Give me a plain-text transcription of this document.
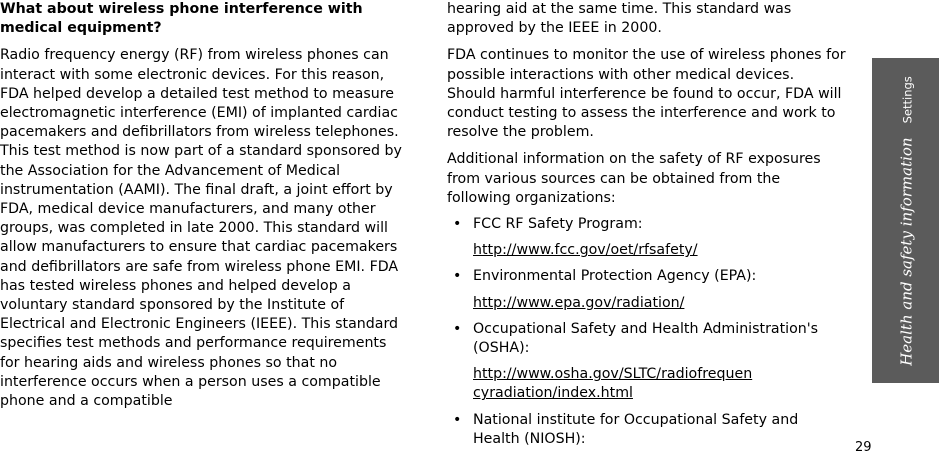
What about wireless phone interference with medical equipment?

Radio frequency energy (RF) from wireless phones can interact with some electronic devices. For this reason, FDA helped develop a detailed test method to measure electromagnetic interference (EMI) of implanted cardiac pacemakers and defibrillators from wireless telephones. This test method is now part of a standard sponsored by the Association for the Advancement of Medical instrumentation (AAMI). The final draft, a joint effort by FDA, medical device manufacturers, and many other groups, was completed in late 2000. This standard will allow manufacturers to ensure that cardiac pacemakers and defibrillators are safe from wireless phone EMI. FDA has tested wireless phones and helped develop a voluntary standard sponsored by the Institute of Electrical and Electronic Engineers (IEEE). This standard specifies test methods and performance requirements for hearing aids and wireless phones so that no interference occurs when a person uses a compatible phone and a compatible

hearing aid at the same time. This standard was approved by the IEEE in 2000.

FDA continues to monitor the use of wireless phones for possible interactions with other medical devices. Should harmful interference be found to occur, FDA will conduct testing to assess the interference and work to resolve the problem.

Additional information on the safety of RF exposures from various sources can be obtained from the following organizations:

• FCC RF Safety Program:
http://www.fcc.gov/oet/rfsafety/
• Environmental Protection Agency (EPA):
http://www.epa.gov/radiation/
• Occupational Safety and Health Administration's (OSHA):
http://www.osha.gov/SLTC/radiofrequencyradiation/index.html
• National institute for Occupational Safety and Health (NIOSH):
Health and safety informationSettings
29
